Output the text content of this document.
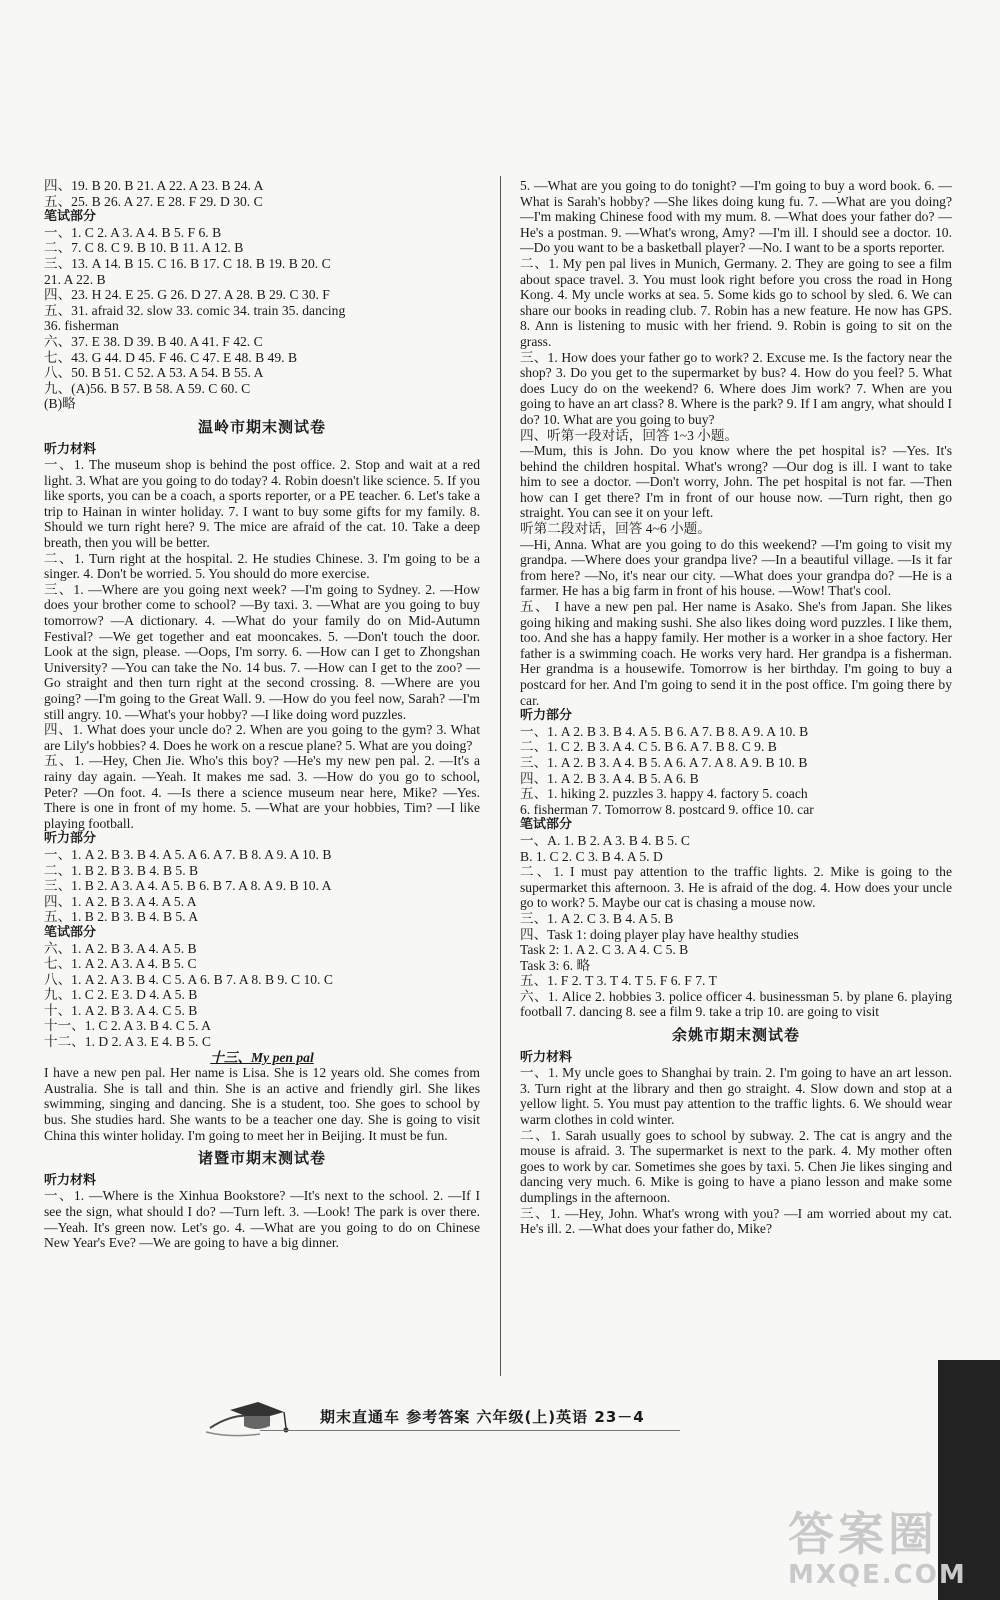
四、19. B 20. B 21. A 22. A 23. B 24. A
五、25. B 26. A 27. E 28. F 29. D 30. C
笔试部分
一、1. C 2. A 3. A 4. B 5. F 6. B
二、7. C 8. C 9. B 10. B 11. A 12. B
三、13. A 14. B 15. C 16. B 17. C 18. B 19. B 20. C
21. A 22. B
四、23. H 24. E 25. G 26. D 27. A 28. B 29. C 30. F
五、31. afraid 32. slow 33. comic 34. train 35. dancing
36. fisherman
六、37. E 38. D 39. B 40. A 41. F 42. C
七、43. G 44. D 45. F 46. C 47. E 48. B 49. B
八、50. B 51. C 52. A 53. A 54. B 55. A
九、(A)56. B 57. B 58. A 59. C 60. C
(B)略
温岭市期末测试卷
听力材料
一、1. The museum shop is behind the post office. 2. Stop and wait at a red light. 3. What are you going to do today? 4. Robin doesn't like science. 5. If you like sports, you can be a coach, a sports reporter, or a PE teacher. 6. Let's take a trip to Hainan in winter holiday. 7. I want to buy some gifts for my family. 8. Should we turn right here? 9. The mice are afraid of the cat. 10. Take a deep breath, then you will be better.
二、1. Turn right at the hospital. 2. He studies Chinese. 3. I'm going to be a singer. 4. Don't be worried. 5. You should do more exercise.
三、1. —Where are you going next week? —I'm going to Sydney. 2. —How does your brother come to school? —By taxi. 3. —What are you going to buy tomorrow? —A dictionary. 4. —What do your family do on Mid-Autumn Festival? —We get together and eat mooncakes. 5. —Don't touch the door. Look at the sign, please. —Oops, I'm sorry. 6. —How can I get to Zhongshan University? —You can take the No. 14 bus. 7. —How can I get to the zoo? —Go straight and then turn right at the second crossing. 8. —Where are you going? —I'm going to the Great Wall. 9. —How do you feel now, Sarah? —I'm still angry. 10. —What's your hobby? —I like doing word puzzles.
四、1. What does your uncle do? 2. When are you going to the gym? 3. What are Lily's hobbies? 4. Does he work on a rescue plane? 5. What are you doing?
五、1. —Hey, Chen Jie. Who's this boy? —He's my new pen pal. 2. —It's a rainy day again. —Yeah. It makes me sad. 3. —How do you go to school, Peter? —On foot. 4. —Is there a science museum near here, Mike? —Yes. There is one in front of my home. 5. —What are your hobbies, Tim? —I like playing football.
听力部分
一、1. A 2. B 3. B 4. A 5. A 6. A 7. B 8. A 9. A 10. B
二、1. B 2. B 3. B 4. B 5. B
三、1. B 2. A 3. A 4. A 5. B 6. B 7. A 8. A 9. B 10. A
四、1. A 2. B 3. A 4. A 5. A
五、1. B 2. B 3. B 4. B 5. A
笔试部分
六、1. A 2. B 3. A 4. A 5. B
七、1. A 2. A 3. A 4. B 5. C
八、1. A 2. A 3. B 4. C 5. A 6. B 7. A 8. B 9. C 10. C
九、1. C 2. E 3. D 4. A 5. B
十、1. A 2. B 3. A 4. C 5. B
十一、1. C 2. A 3. B 4. C 5. A
十二、1. D 2. A 3. E 4. B 5. C
十三、My pen pal
I have a new pen pal. Her name is Lisa. She is 12 years old. She comes from Australia. She is tall and thin. She is an active and friendly girl. She likes swimming, singing and dancing. She is a student, too. She goes to school by bus. She studies hard. She wants to be a teacher one day. She is going to visit China this winter holiday. I'm going to meet her in Beijing. It must be fun.
诸暨市期末测试卷
听力材料
一、1. —Where is the Xinhua Bookstore? —It's next to the school. 2. —If I see the sign, what should I do? —Turn left. 3. —Look! The park is over there. —Yeah. It's green now. Let's go. 4. —What are you going to do on Chinese New Year's Eve? —We are going to have a big dinner.
5. —What are you going to do tonight? —I'm going to buy a word book. 6. —What is Sarah's hobby? —She likes doing kung fu. 7. —What are you doing? —I'm making Chinese food with my mum. 8. —What does your father do? —He's a postman. 9. —What's wrong, Amy? —I'm ill. I should see a doctor. 10. —Do you want to be a basketball player? —No. I want to be a sports reporter.
二、1. My pen pal lives in Munich, Germany. 2. They are going to see a film about space travel. 3. You must look right before you cross the road in Hong Kong. 4. My uncle works at sea. 5. Some kids go to school by sled. 6. We can share our books in reading club. 7. Robin has a new feature. He now has GPS. 8. Ann is listening to music with her friend. 9. Robin is going to sit on the grass.
三、1. How does your father go to work? 2. Excuse me. Is the factory near the shop? 3. Do you get to the supermarket by bus? 4. How do you feel? 5. What does Lucy do on the weekend? 6. Where does Jim work? 7. When are you going to have an art class? 8. Where is the park? 9. If I am angry, what should I do? 10. What are you going to buy?
四、听第一段对话，回答 1~3 小题。
—Mum, this is John. Do you know where the pet hospital is? —Yes. It's behind the children hospital. What's wrong? —Our dog is ill. I want to take him to see a doctor. —Don't worry, John. The pet hospital is not far. —Then how can I get there? I'm in front of our house now. —Turn right, then go straight. You can see it on your left.
听第二段对话，回答 4~6 小题。
—Hi, Anna. What are you going to do this weekend? —I'm going to visit my grandpa. —Where does your grandpa live? —In a beautiful village. —Is it far from here? —No, it's near our city. —What does your grandpa do? —He is a farmer. He has a big farm in front of his house. —Wow! That's cool.
五、 I have a new pen pal. Her name is Asako. She's from Japan. She likes going hiking and making sushi. She also likes doing word puzzles. I like them, too. And she has a happy family. Her mother is a worker in a shoe factory. Her father is a swimming coach. He works very hard. Her grandpa is a fisherman. Her grandma is a housewife. Tomorrow is her birthday. I'm going to buy a postcard for her. And I'm going to send it in the post office. I'm going there by car.
听力部分
一、1. A 2. B 3. B 4. A 5. B 6. A 7. B 8. A 9. A 10. B
二、1. C 2. B 3. A 4. C 5. B 6. A 7. B 8. C 9. B
三、1. A 2. B 3. A 4. B 5. A 6. A 7. A 8. A 9. B 10. B
四、1. A 2. B 3. A 4. B 5. A 6. B
五、1. hiking 2. puzzles 3. happy 4. factory 5. coach
6. fisherman 7. Tomorrow 8. postcard 9. office 10. car
笔试部分
一、A. 1. B 2. A 3. B 4. B 5. C
B. 1. C 2. C 3. B 4. A 5. D
二、1. I must pay attention to the traffic lights. 2. Mike is going to the supermarket this afternoon. 3. He is afraid of the dog. 4. How does your uncle go to work? 5. Maybe our cat is chasing a mouse now.
三、1. A 2. C 3. B 4. A 5. B
四、Task 1: doing player play have healthy studies
Task 2: 1. A 2. C 3. A 4. C 5. B
Task 3: 6. 略
五、1. F 2. T 3. T 4. T 5. F 6. F 7. T
六、1. Alice 2. hobbies 3. police officer 4. businessman 5. by plane 6. playing football 7. dancing 8. see a film 9. take a trip 10. are going to visit
余姚市期末测试卷
听力材料
一、1. My uncle goes to Shanghai by train. 2. I'm going to have an art lesson. 3. Turn right at the library and then go straight. 4. Slow down and stop at a yellow light. 5. You must pay attention to the traffic lights. 6. We should wear warm clothes in cold winter.
二、1. Sarah usually goes to school by subway. 2. The cat is angry and the mouse is afraid. 3. The supermarket is next to the park. 4. My mother often goes to work by car. Sometimes she goes by taxi. 5. Chen Jie likes singing and dancing very much. 6. Mike is going to have a piano lesson and make some dumplings in the afternoon.
三、1. —Hey, John. What's wrong with you? —I am worried about my cat. He's ill. 2. —What does your father do, Mike?
期末直通车 参考答案 六年级(上)英语 23－4
答案圈
MXQE.COM
